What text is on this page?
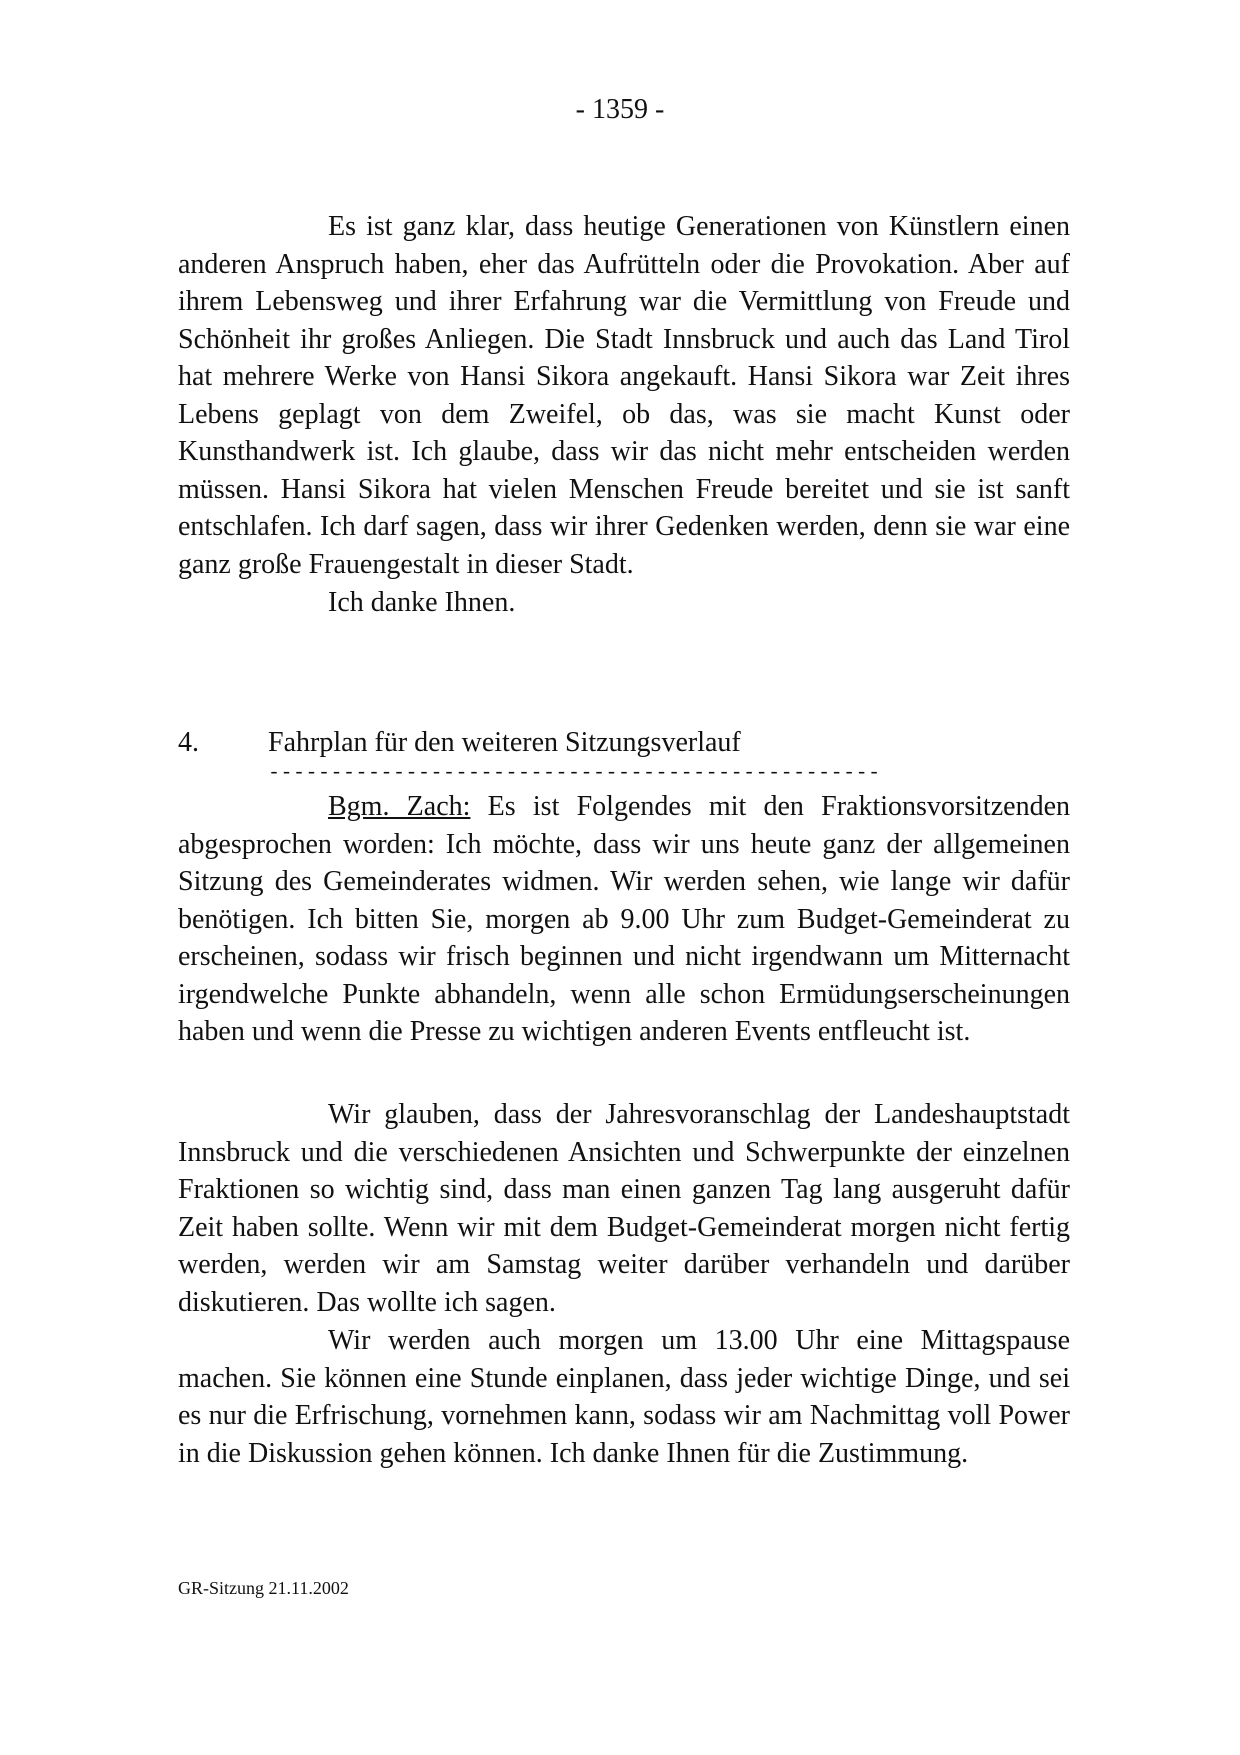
- 1359 -

Es ist ganz klar, dass heutige Generationen von Künstlern einen anderen Anspruch haben, eher das Aufrütteln oder die Provokation. Aber auf ihrem Lebensweg und ihrer Erfahrung war die Vermittlung von Freude und Schönheit ihr großes Anliegen. Die Stadt Innsbruck und auch das Land Tirol hat mehrere Werke von Hansi Sikora angekauft. Hansi Sikora war Zeit ihres Lebens geplagt von dem Zweifel, ob das, was sie macht Kunst oder Kunsthandwerk ist. Ich glaube, dass wir das nicht mehr entscheiden werden müssen. Hansi Sikora hat vielen Menschen Freude bereitet und sie ist sanft entschlafen. Ich darf sagen, dass wir ihrer Gedenken werden, denn sie war eine ganz große Frauengestalt in dieser Stadt.

Ich danke Ihnen.
4. Fahrplan für den weiteren Sitzungsverlauf
-------------------------------------------------

Bgm. Zach: Es ist Folgendes mit den Fraktionsvorsitzenden abgesprochen worden: Ich möchte, dass wir uns heute ganz der allgemeinen Sitzung des Gemeinderates widmen. Wir werden sehen, wie lange wir dafür benötigen. Ich bitten Sie, morgen ab 9.00 Uhr zum Budget-Gemeinderat zu erscheinen, sodass wir frisch beginnen und nicht irgendwann um Mitternacht irgendwelche Punkte abhandeln, wenn alle schon Ermüdungserscheinungen haben und wenn die Presse zu wichtigen anderen Events entfleucht ist.

Wir glauben, dass der Jahresvoranschlag der Landeshauptstadt Innsbruck und die verschiedenen Ansichten und Schwerpunkte der einzelnen Fraktionen so wichtig sind, dass man einen ganzen Tag lang ausgeruht dafür Zeit haben sollte. Wenn wir mit dem Budget-Gemeinderat morgen nicht fertig werden, werden wir am Samstag weiter darüber verhandeln und darüber diskutieren. Das wollte ich sagen.

Wir werden auch morgen um 13.00 Uhr eine Mittagspause machen. Sie können eine Stunde einplanen, dass jeder wichtige Dinge, und sei es nur die Erfrischung, vornehmen kann, sodass wir am Nachmittag voll Power in die Diskussion gehen können. Ich danke Ihnen für die Zustimmung.

GR-Sitzung 21.11.2002
